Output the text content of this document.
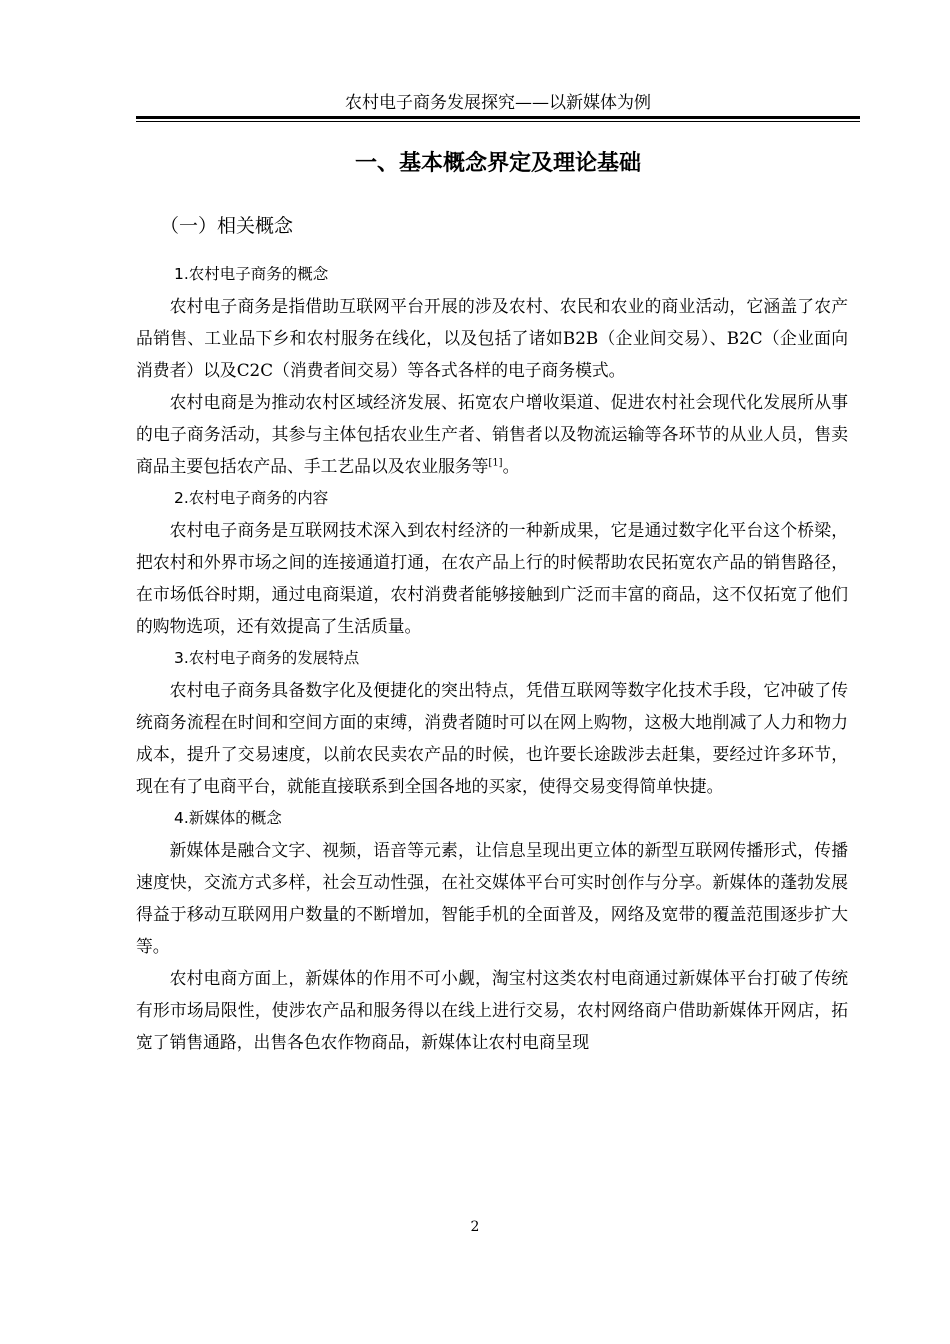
农村电子商务发展探究——以新媒体为例
一、基本概念界定及理论基础
（一）相关概念
1.农村电子商务的概念

农村电子商务是指借助互联网平台开展的涉及农村、农民和农业的商业活动，它涵盖了农产品销售、工业品下乡和农村服务在线化，以及包括了诸如B2B（企业间交易）、B2C（企业面向消费者）以及C2C（消费者间交易）等各式各样的电子商务模式。

农村电商是为推动农村区域经济发展、拓宽农户增收渠道、促进农村社会现代化发展所从事的电子商务活动，其参与主体包括农业生产者、销售者以及物流运输等各环节的从业人员，售卖商品主要包括农产品、手工艺品以及农业服务等[1]。

2.农村电子商务的内容

农村电子商务是互联网技术深入到农村经济的一种新成果，它是通过数字化平台这个桥梁，把农村和外界市场之间的连接通道打通，在农产品上行的时候帮助农民拓宽农产品的销售路径，在市场低谷时期，通过电商渠道，农村消费者能够接触到广泛而丰富的商品，这不仅拓宽了他们的购物选项，还有效提高了生活质量。

3.农村电子商务的发展特点

农村电子商务具备数字化及便捷化的突出特点，凭借互联网等数字化技术手段，它冲破了传统商务流程在时间和空间方面的束缚，消费者随时可以在网上购物，这极大地削减了人力和物力成本，提升了交易速度，以前农民卖农产品的时候，也许要长途跋涉去赶集，要经过许多环节，现在有了电商平台，就能直接联系到全国各地的买家，使得交易变得简单快捷。

4.新媒体的概念

新媒体是融合文字、视频，语音等元素，让信息呈现出更立体的新型互联网传播形式，传播速度快，交流方式多样，社会互动性强，在社交媒体平台可实时创作与分享。新媒体的蓬勃发展得益于移动互联网用户数量的不断增加，智能手机的全面普及，网络及宽带的覆盖范围逐步扩大等。

农村电商方面上，新媒体的作用不可小觑，淘宝村这类农村电商通过新媒体平台打破了传统有形市场局限性，使涉农产品和服务得以在线上进行交易，农村网络商户借助新媒体开网店，拓宽了销售通路，出售各色农作物商品，新媒体让农村电商呈现

2
